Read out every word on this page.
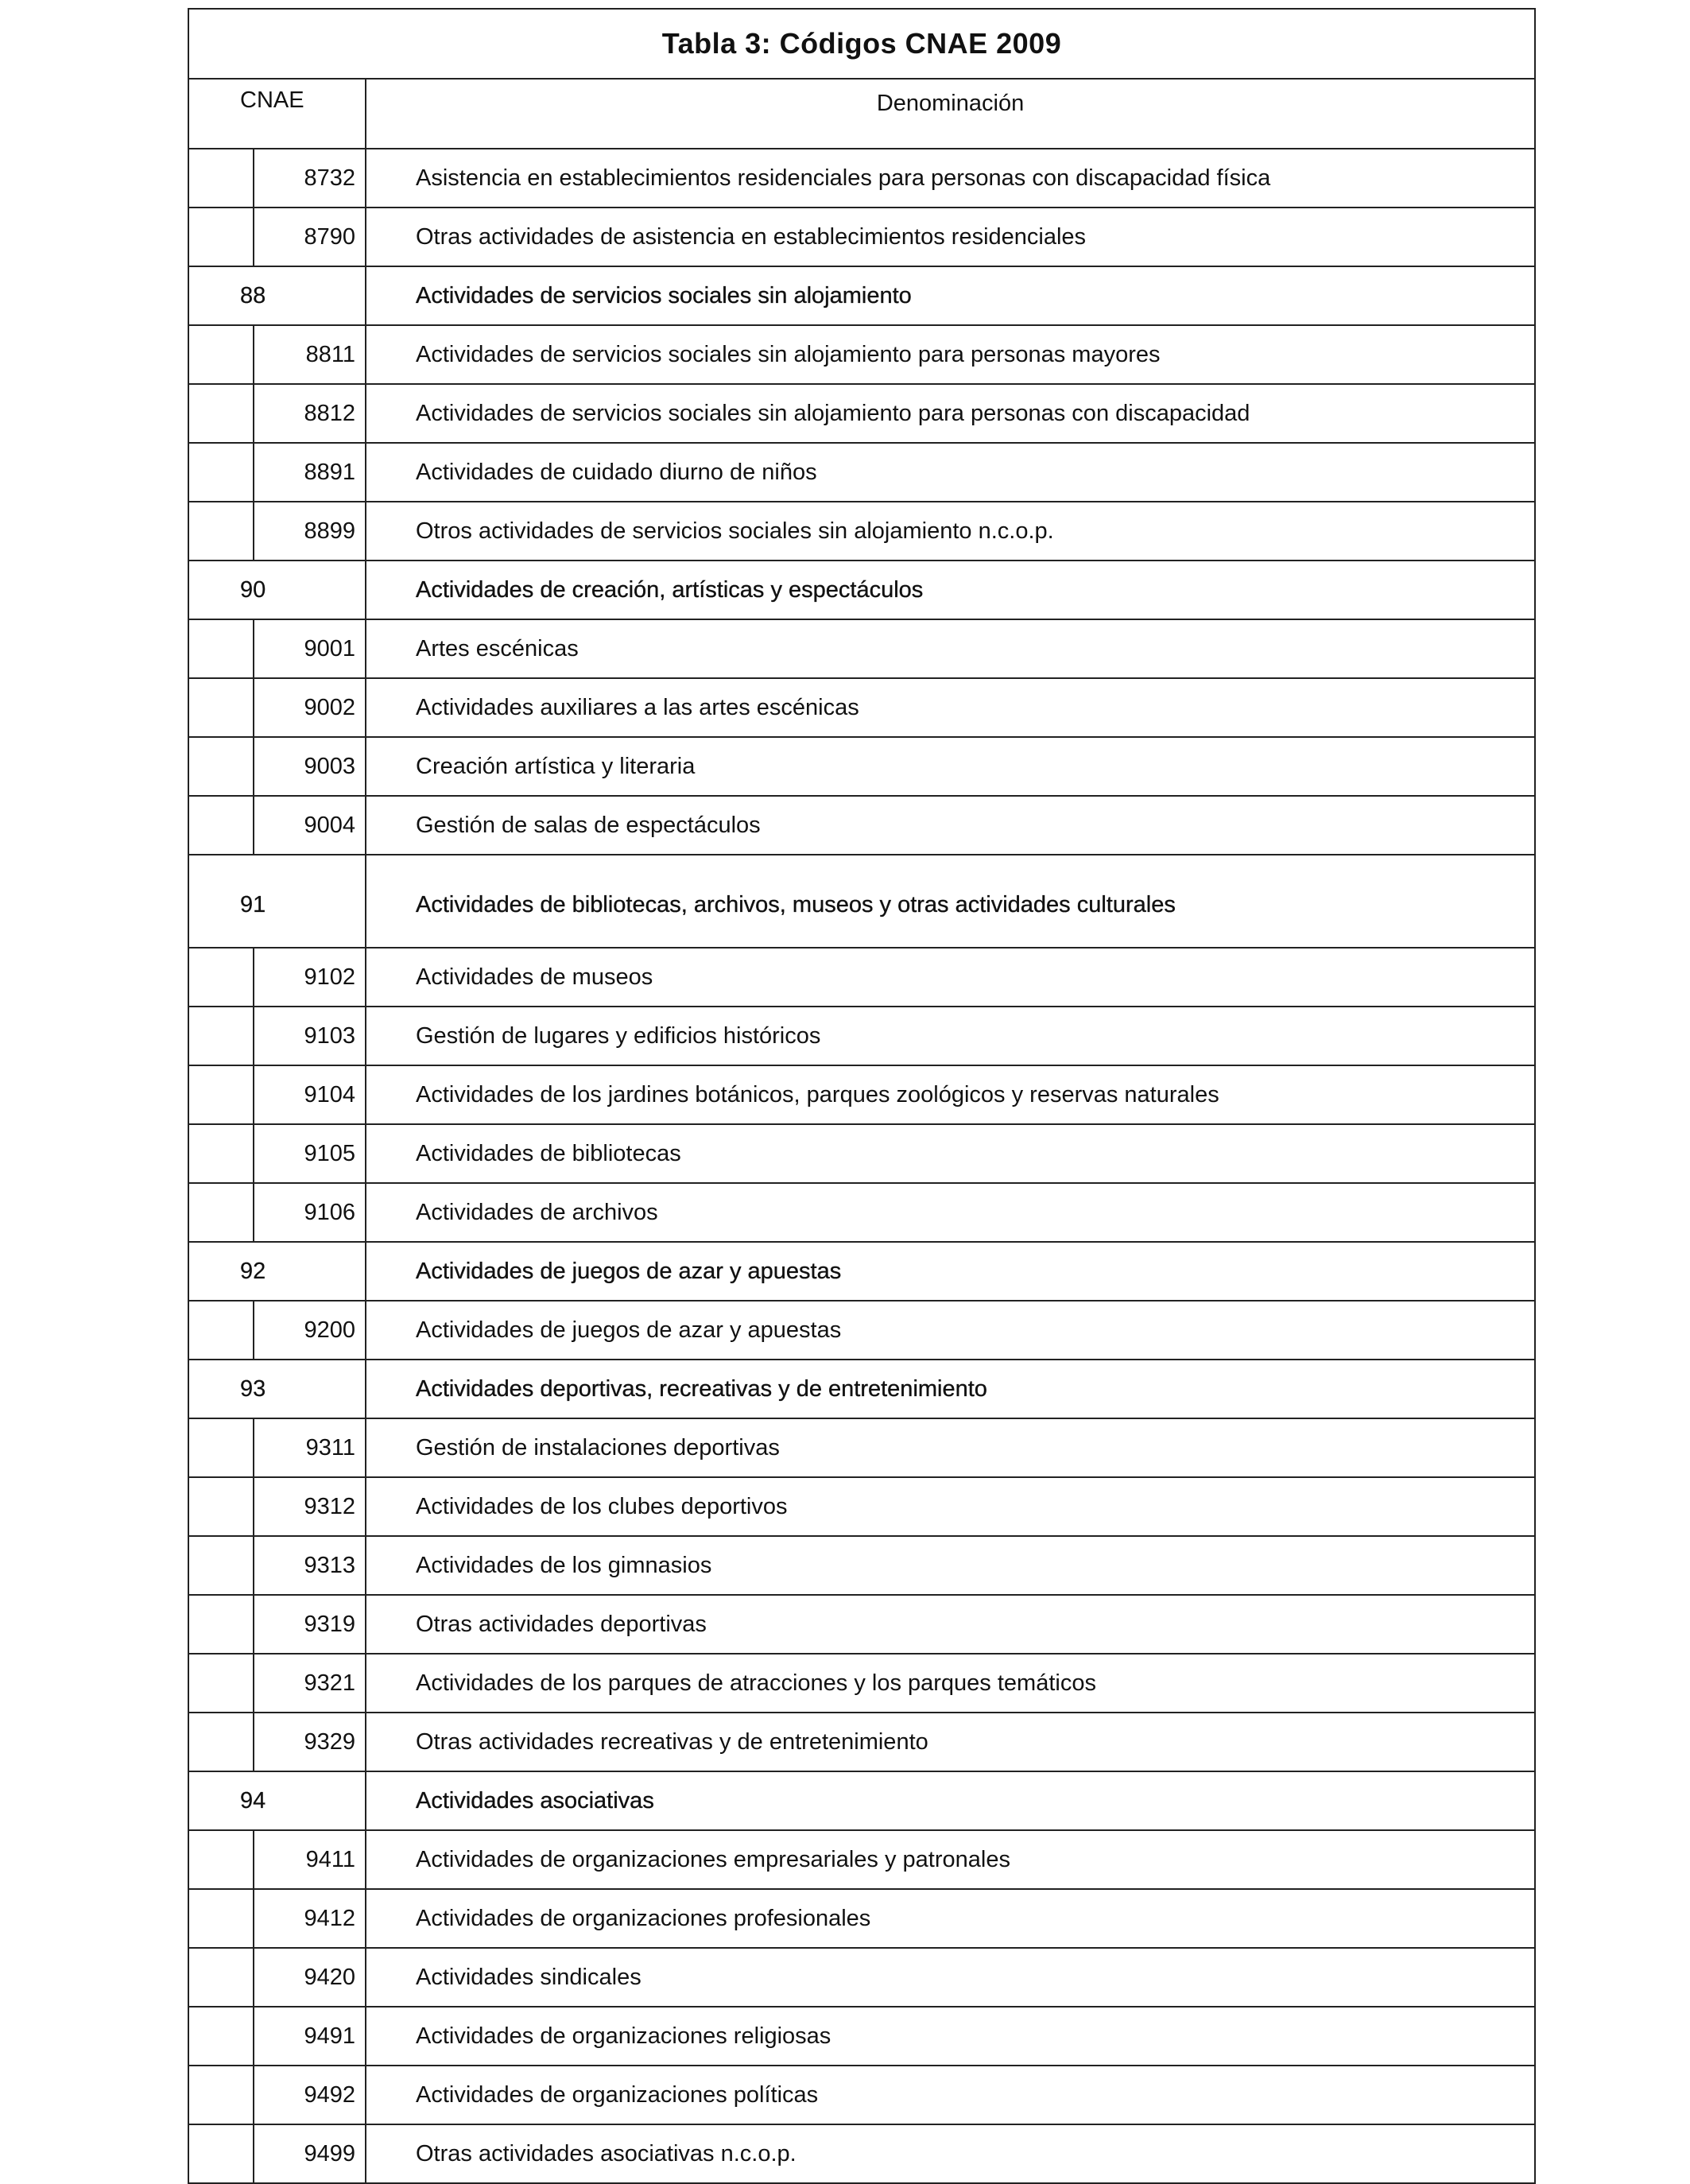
Tabla 3: Códigos CNAE 2009		
CNAE		Denominación
	8732	Asistencia en establecimientos residenciales para personas con discapacidad física
	8790	Otras actividades de asistencia en establecimientos residenciales
88		Actividades de servicios sociales sin alojamiento
	8811	Actividades de servicios sociales sin alojamiento para personas mayores
	8812	Actividades de servicios sociales sin alojamiento para personas con discapacidad
	8891	Actividades de cuidado diurno de niños
	8899	Otros actividades de servicios sociales sin alojamiento n.c.o.p.
90		Actividades de creación, artísticas y espectáculos
	9001	Artes escénicas
	9002	Actividades auxiliares a las artes escénicas
	9003	Creación artística y literaria
	9004	Gestión de salas de espectáculos
91		Actividades de bibliotecas, archivos, museos y otras actividades culturales
	9102	Actividades de museos
	9103	Gestión de lugares y edificios históricos
	9104	Actividades de los jardines botánicos, parques zoológicos y reservas naturales
	9105	Actividades de bibliotecas
	9106	Actividades de archivos
92		Actividades de juegos de azar y apuestas
	9200	Actividades de juegos de azar y apuestas
93		Actividades deportivas, recreativas y de entretenimiento
	9311	Gestión de instalaciones deportivas
	9312	Actividades de los clubes deportivos
	9313	Actividades de los gimnasios
	9319	Otras actividades deportivas
	9321	Actividades de los parques de atracciones y los parques temáticos
	9329	Otras actividades recreativas y de entretenimiento
94		Actividades asociativas
	9411	Actividades de organizaciones empresariales y patronales
	9412	Actividades de organizaciones profesionales
	9420	Actividades sindicales
	9491	Actividades de organizaciones religiosas
	9492	Actividades de organizaciones políticas
	9499	Otras actividades asociativas n.c.o.p.
